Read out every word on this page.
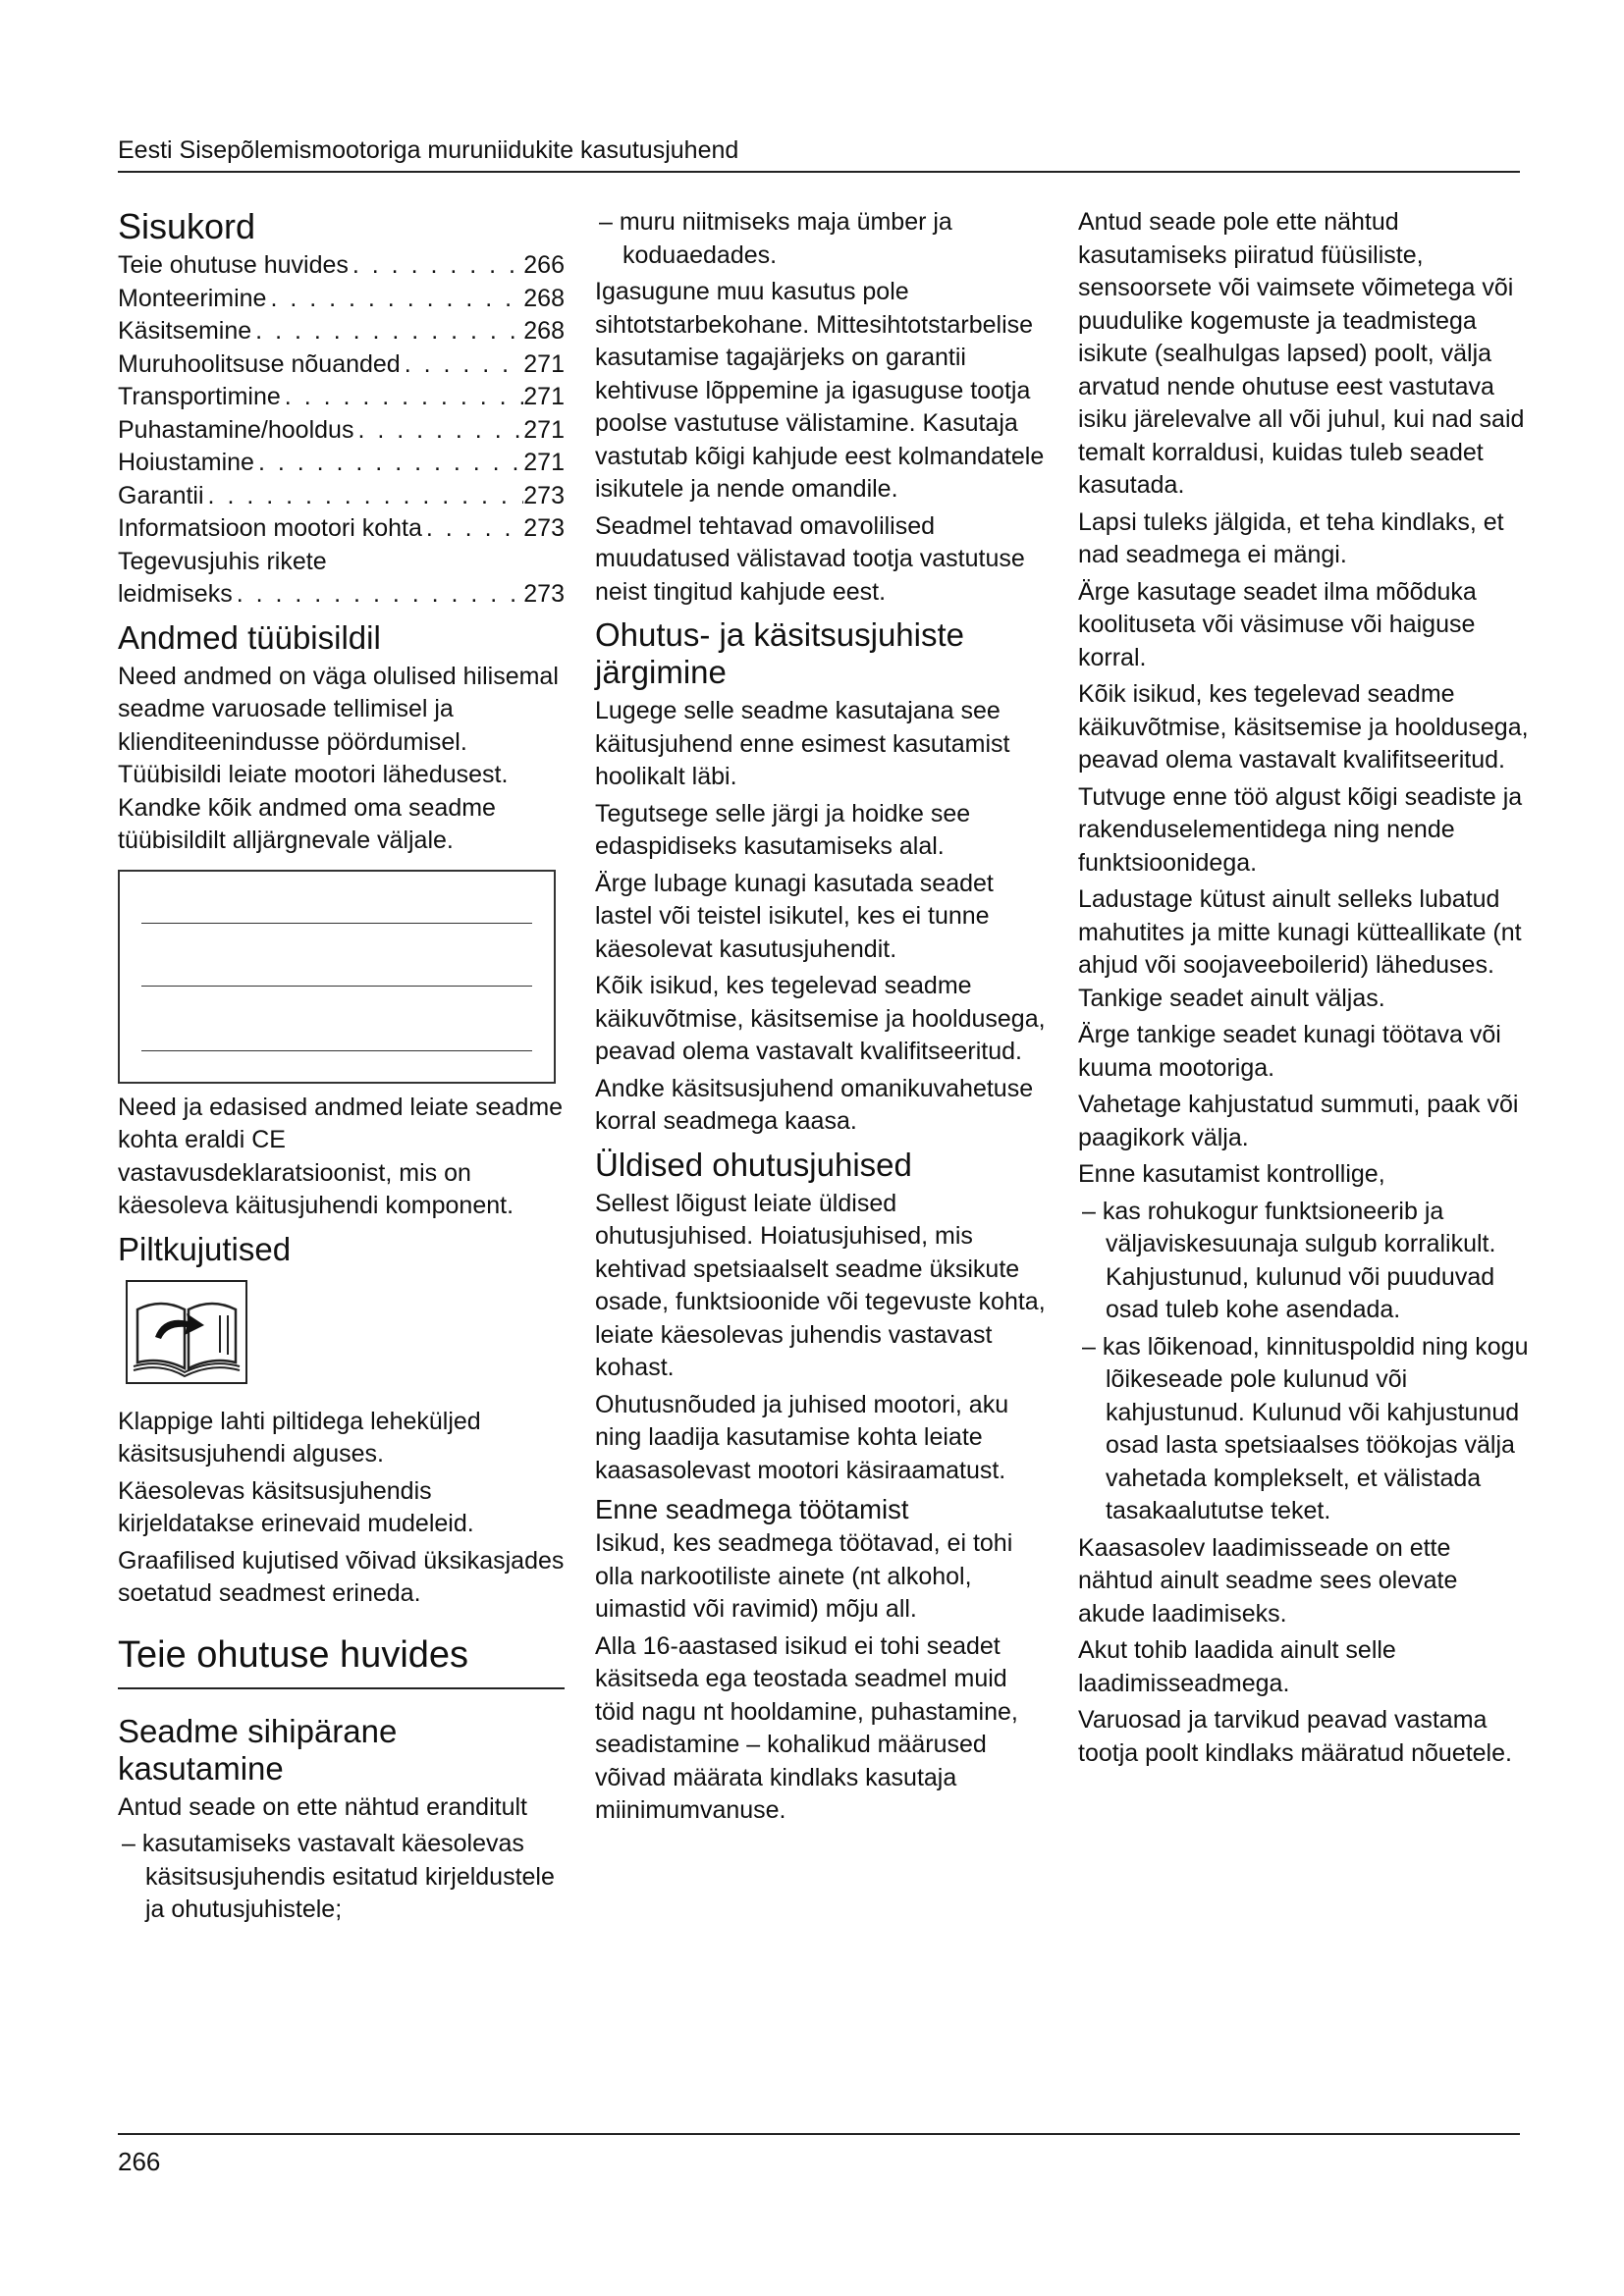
Eesti Sisepõlemismootoriga muruniidukite kasutusjuhend
Sisukord
Teie ohutuse huvides . . .	266
Monteerimine . . .	268
Käsitsemine . . .	268
Muruhoolitsuse nõuanded . . .	271
Transportimine . . .	271
Puhastamine/hooldus . . .	271
Hoiustamine . . .	271
Garantii . . .	273
Informatsioon mootori kohta . . .	273
Tegevusjuhis rikete
leidmiseks . . .	273
Andmed tüübisildil

Need andmed on väga olulised hilisemal seadme varuosade tellimisel ja klienditeenindusse pöördumisel. Tüübisildi leiate mootori lähedusest. Kandke kõik andmed oma seadme tüübisildilt alljärgnevale väljale.

Need ja edasised andmed leiate seadme kohta eraldi CE vastavusdeklaratsioonist, mis on käesoleva käitusjuhendi komponent.

Piltkujutised

Klappige lahti piltidega leheküljed käsitsusjuhendi alguses.

Käesolevas käsitsusjuhendis kirjeldatakse erinevaid mudeleid.

Graafilised kujutised võivad üksikasjades soetatud seadmest erineda.

Teie ohutuse huvides
Seadme sihipärane kasutamine

Antud seade on ette nähtud eranditult

– kasutamiseks vastavalt käesolevas käsitsusjuhendis esitatud kirjeldustele ja ohutusjuhistele;

– muru niitmiseks maja ümber ja koduaedades.

Igasugune muu kasutus pole sihtotstarbekohane. Mittesihtotstarbelise kasutamise tagajärjeks on garantii kehtivuse lõppemine ja igasuguse tootja poolse vastutuse välistamine. Kasutaja vastutab kõigi kahjude eest kolmandatele isikutele ja nende omandile.

Seadmel tehtavad omavolilised muudatused välistavad tootja vastutuse neist tingitud kahjude eest.

Ohutus- ja käsitsusjuhiste järgimine

Lugege selle seadme kasutajana see käitusjuhend enne esimest kasutamist hoolikalt läbi.

Tegutsege selle järgi ja hoidke see edaspidiseks kasutamiseks alal.

Ärge lubage kunagi kasutada seadet lastel või teistel isikutel, kes ei tunne käesolevat kasutusjuhendit.

Kõik isikud, kes tegelevad seadme käikuvõtmise, käsitsemise ja hooldusega, peavad olema vastavalt kvalifitseeritud.

Andke käsitsusjuhend omanikuvahetuse korral seadmega kaasa.

Üldised ohutusjuhised

Sellest lõigust leiate üldised ohutusjuhised. Hoiatusjuhised, mis kehtivad spetsiaalselt seadme üksikute osade, funktsioonide või tegevuste kohta, leiate käesolevas juhendis vastavast kohast.

Ohutusnõuded ja juhised mootori, aku ning laadija kasutamise kohta leiate kaasasolevast mootori käsiraamatust.

Enne seadmega töötamist

Isikud, kes seadmega töötavad, ei tohi olla narkootiliste ainete (nt alkohol, uimastid või ravimid) mõju all.

Alla 16-aastased isikud ei tohi seadet käsitseda ega teostada seadmel muid töid nagu nt hooldamine, puhastamine, seadistamine – kohalikud määrused võivad määrata kindlaks kasutaja miinimumvanuse.

Antud seade pole ette nähtud kasutamiseks piiratud füüsiliste, sensoorsete või vaimsete võimetega või puudulike kogemuste ja teadmistega isikute (sealhulgas lapsed) poolt, välja arvatud nende ohutuse eest vastutava isiku järelevalve all või juhul, kui nad said temalt korraldusi, kuidas tuleb seadet kasutada.

Lapsi tuleks jälgida, et teha kindlaks, et nad seadmega ei mängi.

Ärge kasutage seadet ilma mõõduka koolituseta või väsimuse või haiguse korral.

Kõik isikud, kes tegelevad seadme käikuvõtmise, käsitsemise ja hooldusega, peavad olema vastavalt kvalifitseeritud.

Tutvuge enne töö algust kõigi seadiste ja rakenduselementidega ning nende funktsioonidega.

Ladustage kütust ainult selleks lubatud mahutites ja mitte kunagi kütteallikate (nt ahjud või soojaveeboilerid) läheduses. Tankige seadet ainult väljas.

Ärge tankige seadet kunagi töötava või kuuma mootoriga.

Vahetage kahjustatud summuti, paak või paagikork välja.

Enne kasutamist kontrollige,

– kas rohukogur funktsioneerib ja väljaviskesuunaja sulgub korralikult. Kahjustunud, kulunud või puuduvad osad tuleb kohe asendada.

– kas lõikenoad, kinnituspoldid ning kogu lõikeseade pole kulunud või kahjustunud. Kulunud või kahjustunud osad lasta spetsiaalses töökojas välja vahetada komplekselt, et välistada tasakaalututse teket.

Kaasasolev laadimisseade on ette nähtud ainult seadme sees olevate akude laadimiseks.

Akut tohib laadida ainult selle laadimisseadmega.

Varuosad ja tarvikud peavad vastama tootja poolt kindlaks määratud nõuetele.

266
